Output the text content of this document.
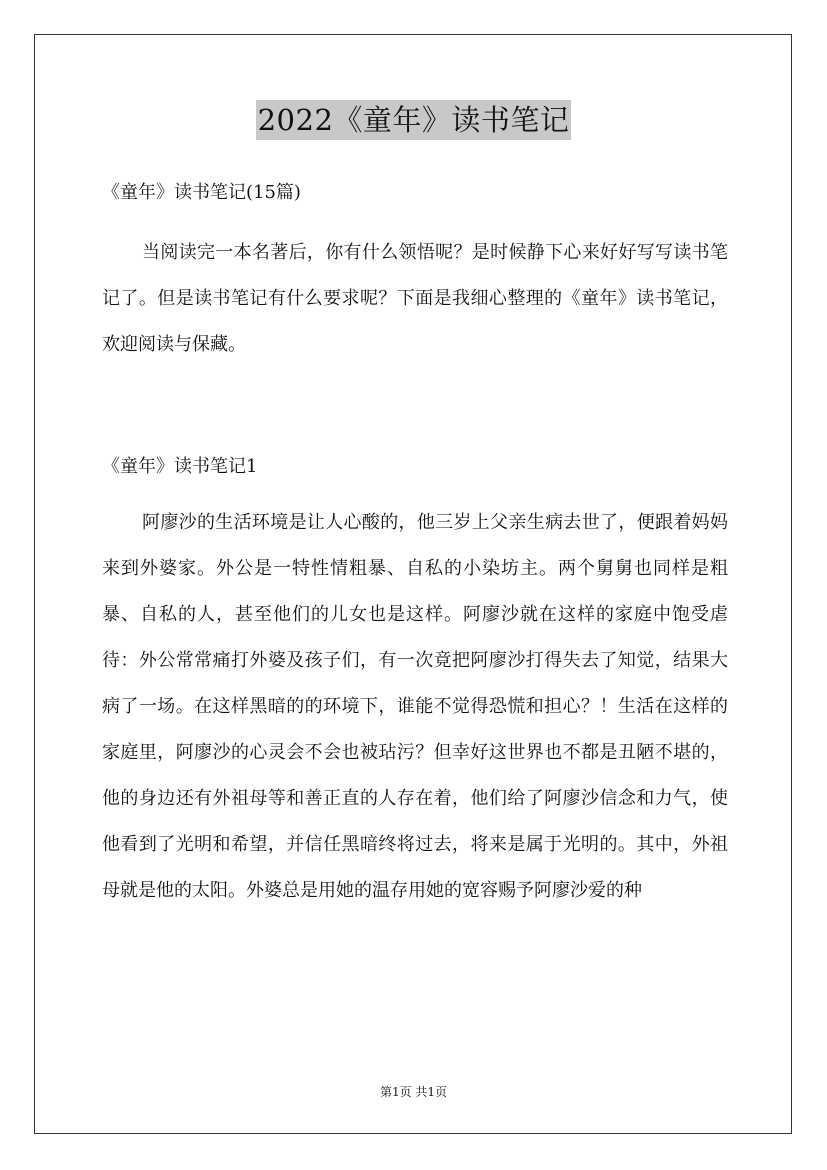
2022《童年》读书笔记
《童年》读书笔记(15篇)
当阅读完一本名著后，你有什么领悟呢？是时候静下心来好好写写读书笔记了。但是读书笔记有什么要求呢？下面是我细心整理的《童年》读书笔记，欢迎阅读与保藏。
《童年》读书笔记1
阿廖沙的生活环境是让人心酸的，他三岁上父亲生病去世了，便跟着妈妈来到外婆家。外公是一特性情粗暴、自私的小染坊主。两个舅舅也同样是粗暴、自私的人，甚至他们的儿女也是这样。阿廖沙就在这样的家庭中饱受虐待：外公常常痛打外婆及孩子们，有一次竟把阿廖沙打得失去了知觉，结果大病了一场。在这样黑暗的的环境下，谁能不觉得恐慌和担心？！生活在这样的家庭里，阿廖沙的心灵会不会也被玷污？但幸好这世界也不都是丑陋不堪的，他的身边还有外祖母等和善正直的人存在着，他们给了阿廖沙信念和力气，使他看到了光明和希望，并信任黑暗终将过去，将来是属于光明的。其中，外祖母就是他的太阳。外婆总是用她的温存用她的宽容赐予阿廖沙爱的种
第1页 共1页
